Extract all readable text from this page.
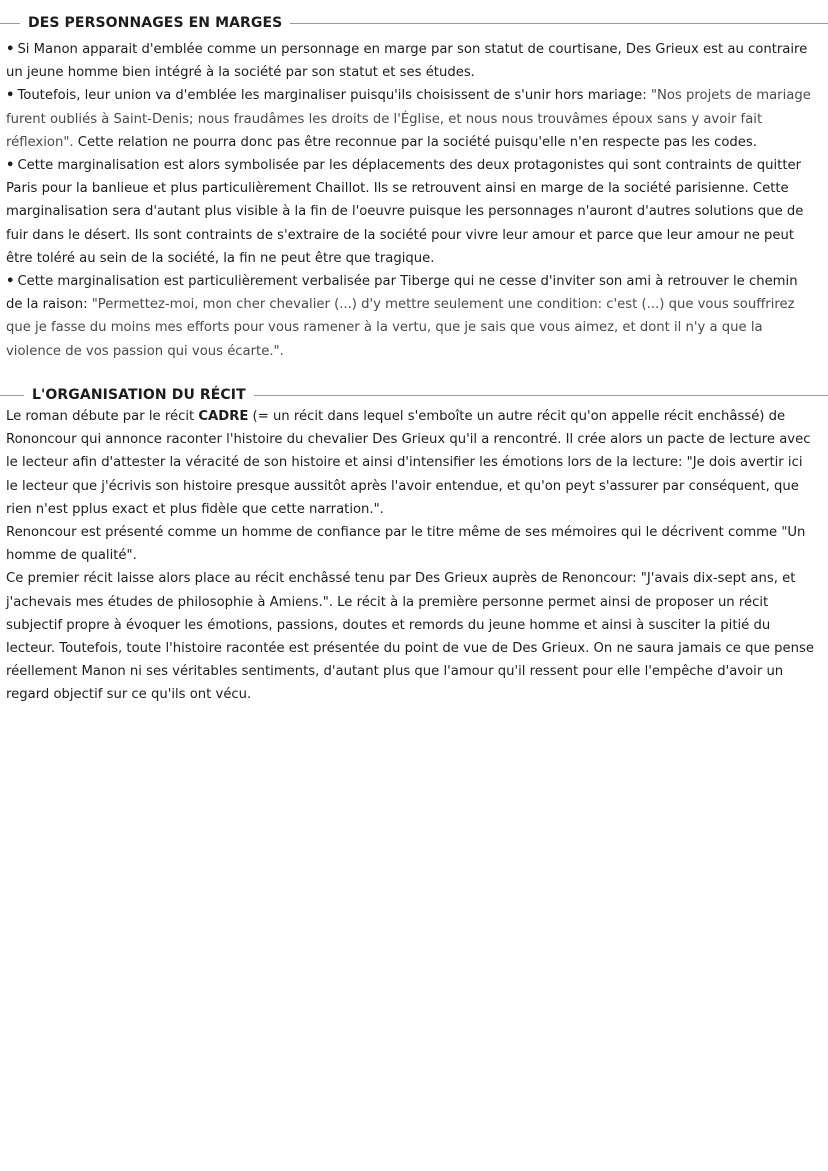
DES PERSONNAGES EN MARGES

• Si Manon apparait d'emblée comme un personnage en marge par son statut de courtisane, Des Grieux est au contraire un jeune homme bien intégré à la société par son statut et ses études.

• Toutefois, leur union va d'emblée les marginaliser puisqu'ils choisissent de s'unir hors mariage: "Nos projets de mariage furent oubliés à Saint-Denis; nous fraudâmes les droits de l'Église, et nous nous trouvâmes époux sans y avoir fait réflexion". Cette relation ne pourra donc pas être reconnue par la société puisqu'elle n'en respecte pas les codes.

• Cette marginalisation est alors symbolisée par les déplacements des deux protagonistes qui sont contraints de quitter Paris pour la banlieue et plus particulièrement Chaillot. Ils se retrouvent ainsi en marge de la société parisienne. Cette marginalisation sera d'autant plus visible à la fin de l'oeuvre puisque les personnages n'auront d'autres solutions que de fuir dans le désert. Ils sont contraints de s'extraire de la société pour vivre leur amour et parce que leur amour ne peut être toléré au sein de la société, la fin ne peut être que tragique.

• Cette marginalisation est particulièrement verbalisée par Tiberge qui ne cesse d'inviter son ami à retrouver le chemin de la raison: "Permettez-moi, mon cher chevalier (...) d'y mettre seulement une condition: c'est (...) que vous souffrirez que je fasse du moins mes efforts pour vous ramener à la vertu, que je sais que vous aimez, et dont il n'y a que la violence de vos passion qui vous écarte.".

L'ORGANISATION DU RÉCIT

Le roman débute par le récit CADRE (= un récit dans lequel s'emboîte un autre récit qu'on appelle récit enchâssé) de Rononcour qui annonce raconter l'histoire du chevalier Des Grieux qu'il a rencontré. Il crée alors un pacte de lecture avec le lecteur afin d'attester la véracité de son histoire et ainsi d'intensifier les émotions lors de la lecture: "Je dois avertir ici le lecteur que j'écrivis son histoire presque aussitôt après l'avoir entendue, et qu'on peyt s'assurer par conséquent, que rien n'est pplus exact et plus fidèle que cette narration.".

Renoncour est présenté comme un homme de confiance par le titre même de ses mémoires qui le décrivent comme "Un homme de qualité".

Ce premier récit laisse alors place au récit enchâssé tenu par Des Grieux auprès de Renoncour: "J'avais dix-sept ans, et j'achevais mes études de philosophie à Amiens.". Le récit à la première personne permet ainsi de proposer un récit subjectif propre à évoquer les émotions, passions, doutes et remords du jeune homme et ainsi à susciter la pitié du lecteur. Toutefois, toute l'histoire racontée est présentée du point de vue de Des Grieux. On ne saura jamais ce que pense réellement Manon ni ses véritables sentiments, d'autant plus que l'amour qu'il ressent pour elle l'empêche d'avoir un regard objectif sur ce qu'ils ont vécu.
